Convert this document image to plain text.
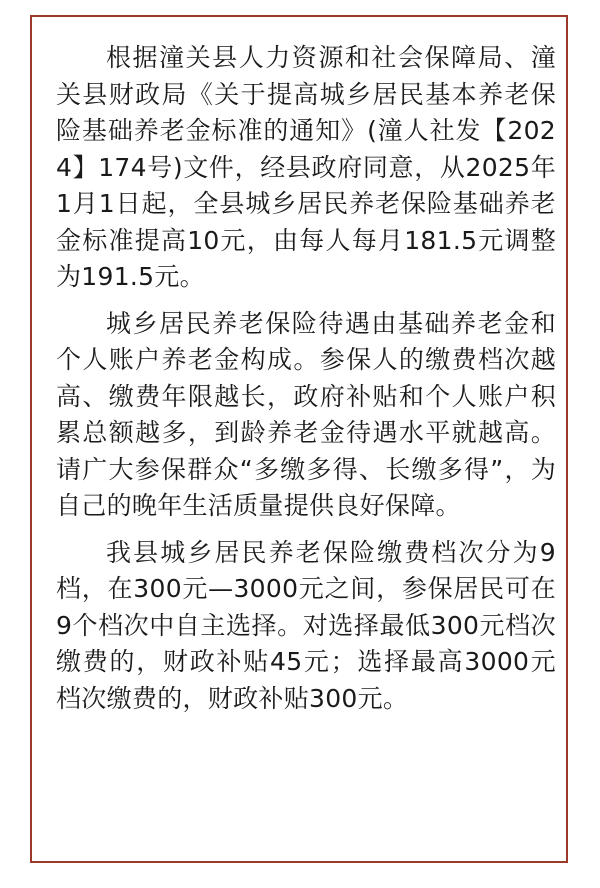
根据潼关县人力资源和社会保障局、潼关县财政局《关于提高城乡居民基本养老保险基础养老金标准的通知》(潼人社发【2024】174号)文件，经县政府同意，从2025年1月1日起，全县城乡居民养老保险基础养老金标准提高10元，由每人每月181.5元调整为191.5元。

城乡居民养老保险待遇由基础养老金和个人账户养老金构成。参保人的缴费档次越高、缴费年限越长，政府补贴和个人账户积累总额越多，到龄养老金待遇水平就越高。请广大参保群众“多缴多得、长缴多得”，为自己的晚年生活质量提供良好保障。

我县城乡居民养老保险缴费档次分为9档，在300元—3000元之间，参保居民可在9个档次中自主选择。对选择最低300元档次缴费的，财政补贴45元；选择最高3000元档次缴费的，财政补贴300元。
